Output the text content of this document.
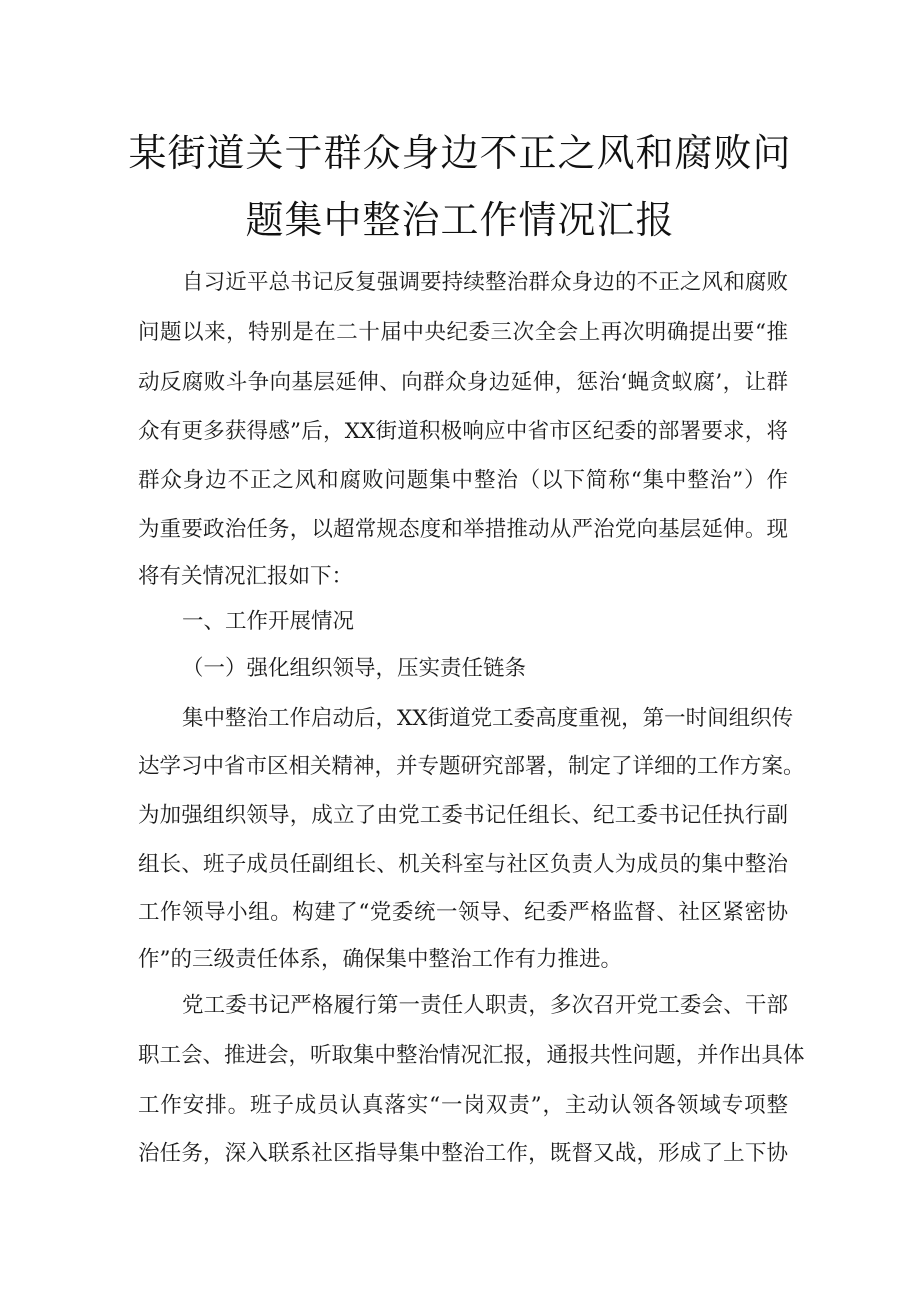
某街道关于群众身边不正之风和腐败问
题集中整治工作情况汇报
自习近平总书记反复强调要持续整治群众身边的不正之风和腐败
问题以来，特别是在二十届中央纪委三次全会上再次明确提出要“推
动反腐败斗争向基层延伸、向群众身边延伸，惩治‘蝇贪蚁腐’，让群
众有更多获得感”后，XX街道积极响应中省市区纪委的部署要求，将
群众身边不正之风和腐败问题集中整治（以下简称“集中整治”）作
为重要政治任务，以超常规态度和举措推动从严治党向基层延伸。现
将有关情况汇报如下：
一、工作开展情况
（一）强化组织领导，压实责任链条
集中整治工作启动后，XX街道党工委高度重视，第一时间组织传
达学习中省市区相关精神，并专题研究部署，制定了详细的工作方案。
为加强组织领导，成立了由党工委书记任组长、纪工委书记任执行副
组长、班子成员任副组长、机关科室与社区负责人为成员的集中整治
工作领导小组。构建了“党委统一领导、纪委严格监督、社区紧密协
作”的三级责任体系，确保集中整治工作有力推进。
党工委书记严格履行第一责任人职责，多次召开党工委会、干部
职工会、推进会，听取集中整治情况汇报，通报共性问题，并作出具体
工作安排。班子成员认真落实“一岗双责”，主动认领各领域专项整
治任务，深入联系社区指导集中整治工作，既督又战，形成了上下协
